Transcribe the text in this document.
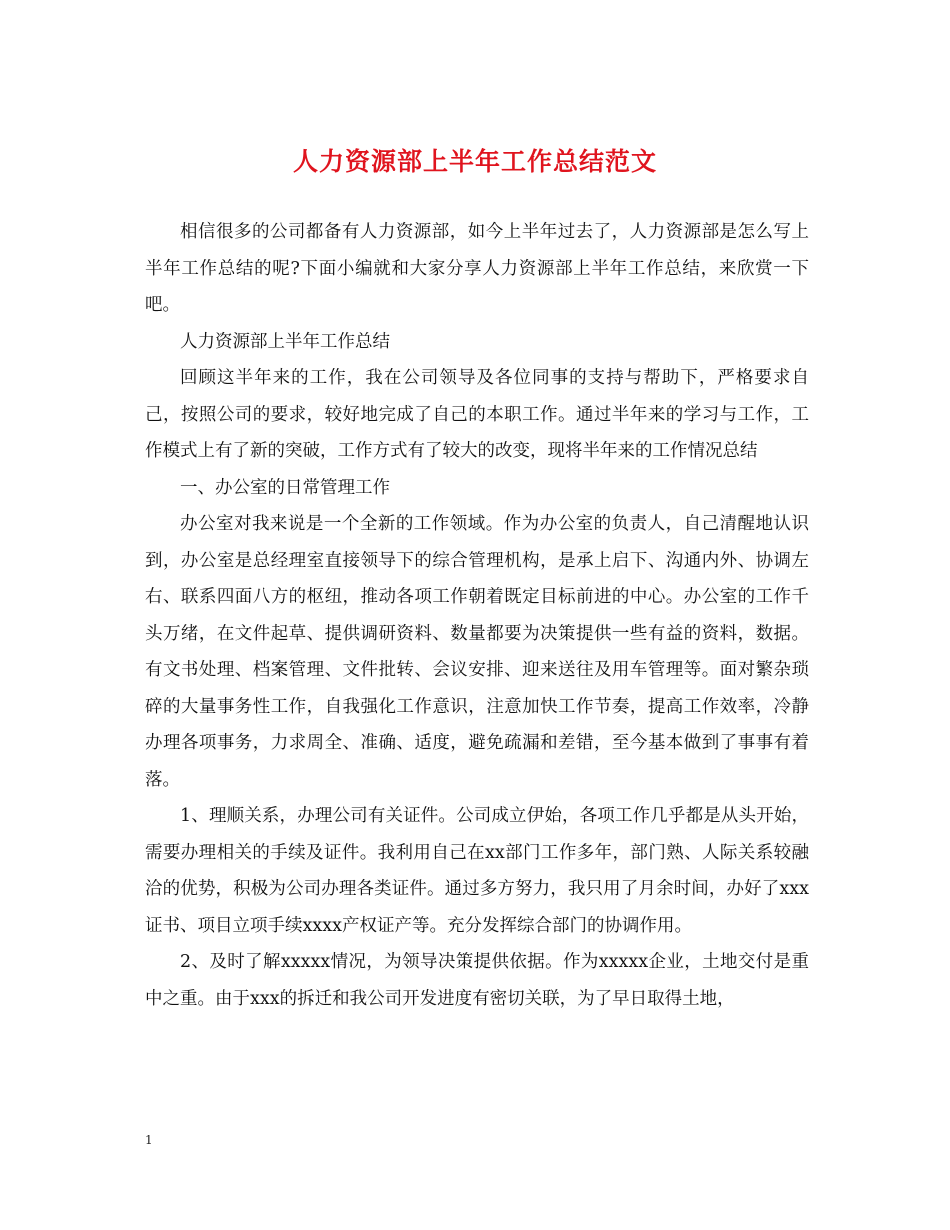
人力资源部上半年工作总结范文

相信很多的公司都备有人力资源部，如今上半年过去了，人力资源部是怎么写上半年工作总结的呢?下面小编就和大家分享人力资源部上半年工作总结，来欣赏一下吧。

人力资源部上半年工作总结

回顾这半年来的工作，我在公司领导及各位同事的支持与帮助下，严格要求自己，按照公司的要求，较好地完成了自己的本职工作。通过半年来的学习与工作，工作模式上有了新的突破，工作方式有了较大的改变，现将半年来的工作情况总结

一、办公室的日常管理工作

办公室对我来说是一个全新的工作领域。作为办公室的负责人，自己清醒地认识到，办公室是总经理室直接领导下的综合管理机构，是承上启下、沟通内外、协调左右、联系四面八方的枢纽，推动各项工作朝着既定目标前进的中心。办公室的工作千头万绪，在文件起草、提供调研资料、数量都要为决策提供一些有益的资料，数据。有文书处理、档案管理、文件批转、会议安排、迎来送往及用车管理等。面对繁杂琐碎的大量事务性工作，自我强化工作意识，注意加快工作节奏，提高工作效率，冷静办理各项事务，力求周全、准确、适度，避免疏漏和差错，至今基本做到了事事有着落。

1、理顺关系，办理公司有关证件。公司成立伊始，各项工作几乎都是从头开始，需要办理相关的手续及证件。我利用自己在xx部门工作多年，部门熟、人际关系较融洽的优势，积极为公司办理各类证件。通过多方努力，我只用了月余时间，办好了xxx证书、项目立项手续xxxx产权证产等。充分发挥综合部门的协调作用。

2、及时了解xxxxx情况，为领导决策提供依据。作为xxxxx企业，土地交付是重中之重。由于xxx的拆迁和我公司开发进度有密切关联，为了早日取得土地，

1
